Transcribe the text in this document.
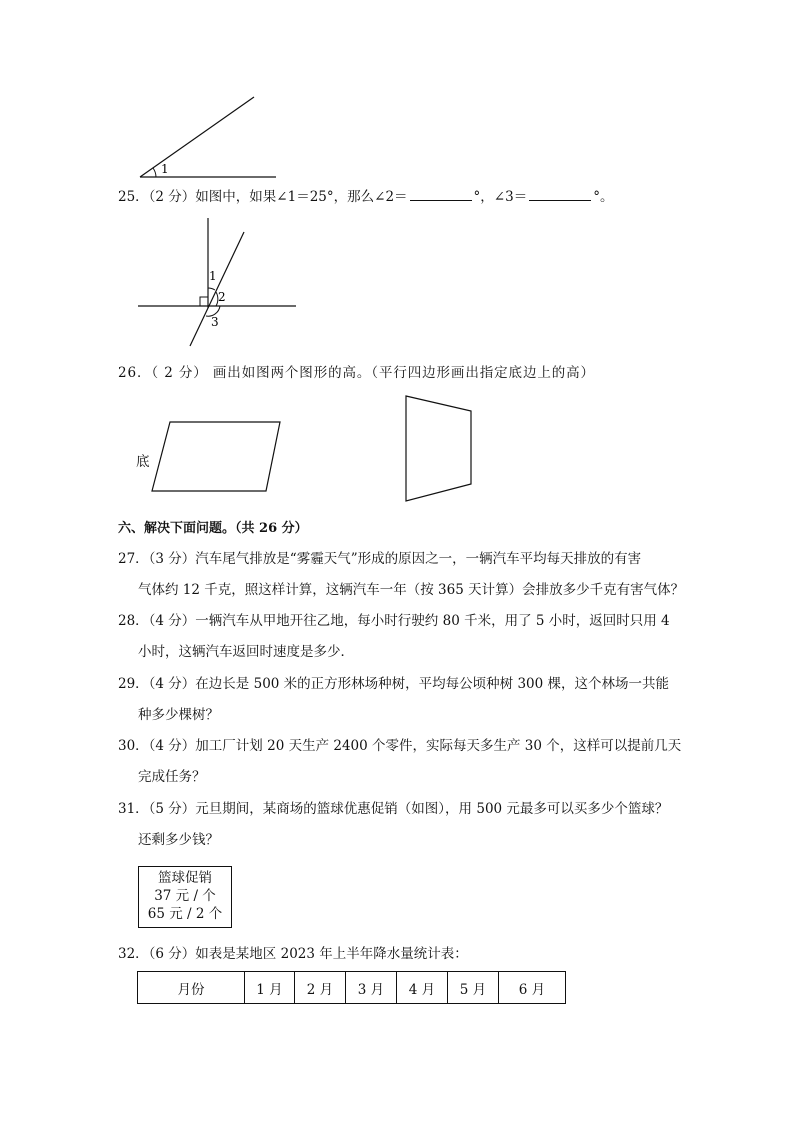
1
25．（2 分）如图中，如果∠1＝25°，那么∠2＝	°，∠3＝	°。
1
2
3
26．（ 2 分） 画出如图两个图形的高。（平行四边形画出指定底边上的高）
底
六、解决下面问题。（共 26 分）
27．（3 分）汽车尾气排放是“雾霾天气”形成的原因之一，一辆汽车平均每天排放的有害
气体约 12 千克，照这样计算，这辆汽车一年（按 365 天计算）会排放多少千克有害气体？
28．（4 分）一辆汽车从甲地开往乙地，每小时行驶约 80 千米，用了 5 小时，返回时只用 4
小时，这辆汽车返回时速度是多少．
29．（4 分）在边长是 500 米的正方形林场种树，平均每公顷种树 300 棵，这个林场一共能
种多少棵树？
30．（4 分）加工厂计划 20 天生产 2400 个零件，实际每天多生产 30 个，这样可以提前几天
完成任务？
31．（5 分）元旦期间，某商场的篮球优惠促销（如图），用 500 元最多可以买多少个篮球？
还剩多少钱？
篮球促销
37 元 / 个
65 元 / 2 个
32．（6 分）如表是某地区 2023 年上半年降水量统计表：
月份	1 月	2 月	3 月	4 月	5 月	6 月
